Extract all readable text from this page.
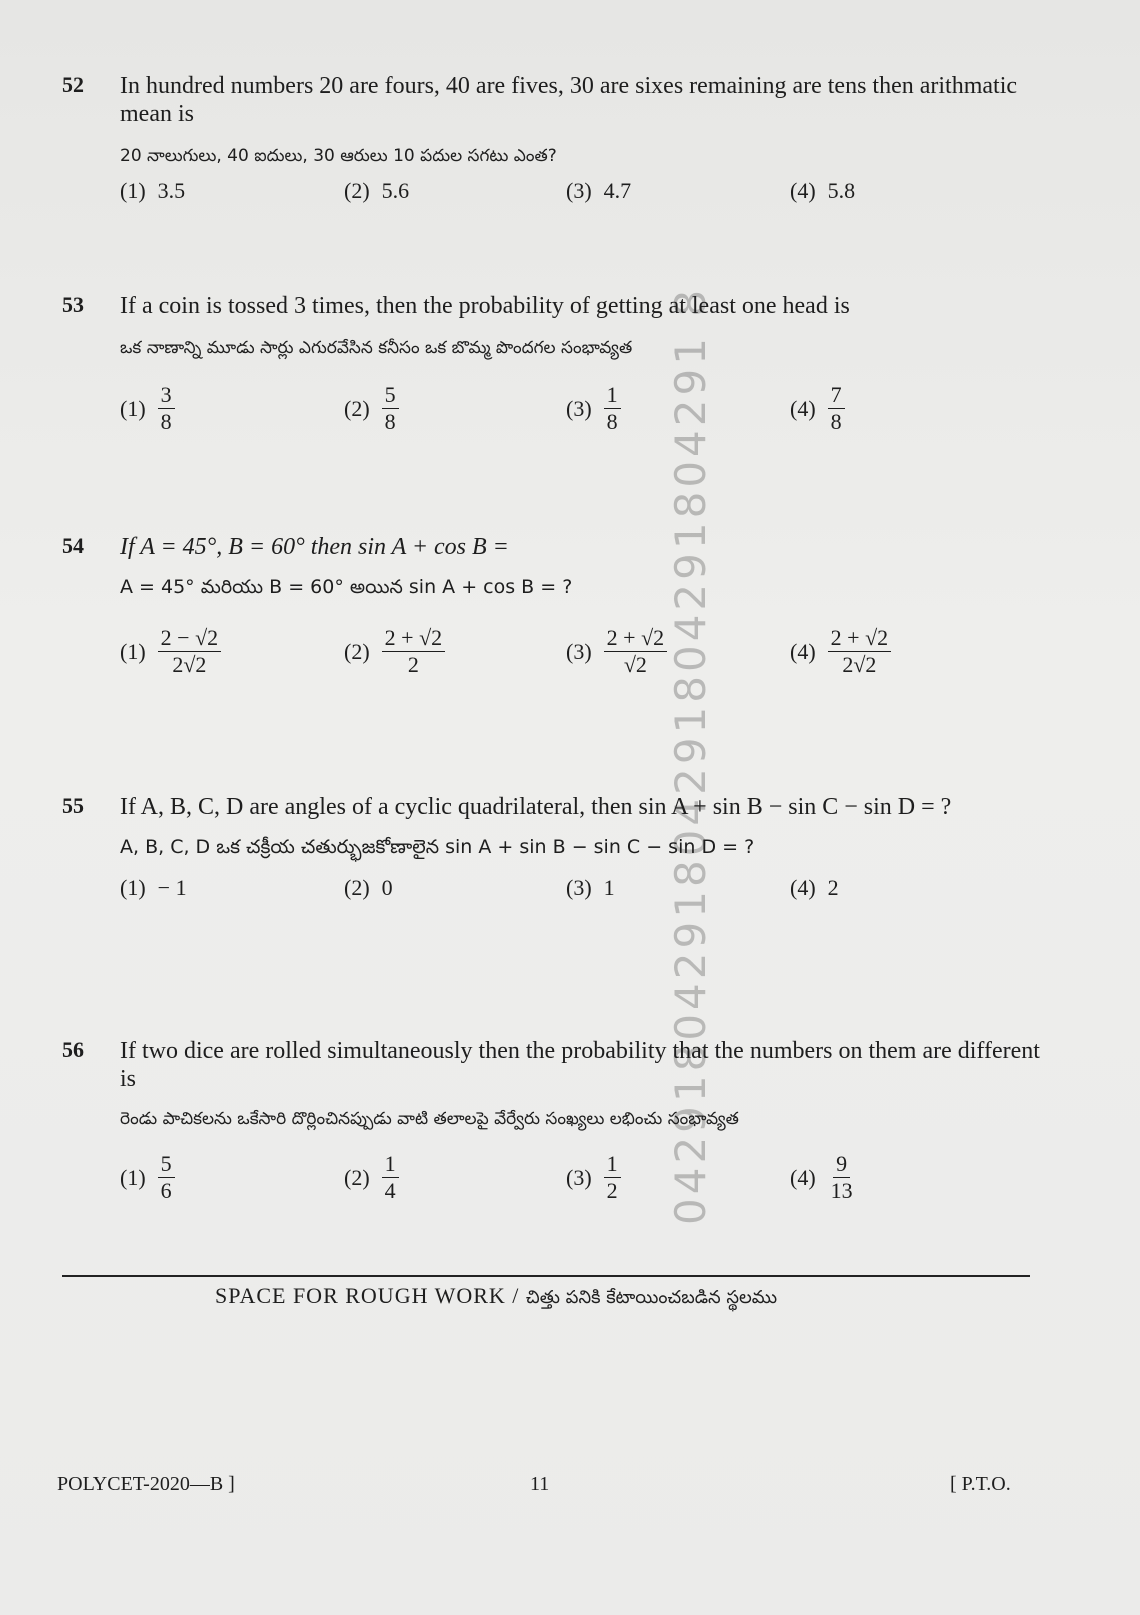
04291804291804291804291804291 8
52 In hundred numbers 20 are fours, 40 are fives, 30 are sixes remaining are tens then arithmatic mean is

20 నాలుగులు, 40 ఐదులు, 30 ఆరులు 10 పదుల సగటు ఎంత?

(1) 3.5	(2) 5.6	(3) 4.7	(4) 5.8
53 If a coin is tossed 3 times, then the probability of getting at least one head is

ఒక నాణాన్ని మూడు సార్లు ఎగురవేసిన కనీసం ఒక బొమ్మ పొందగల సంభావ్యత

$(1) \frac{3}{8}$	$(2) \frac{5}{8}$	$(3) \frac{1}{8}$	$(4) \frac{7}{8}$
54 If A = 45°, B = 60° then sin A + cos B =

A = 45° మరియు B = 60° అయిన sin A + cos B = ?

$(1) \frac{2 - √2}{2√2}$	$(2) \frac{2 + √2}{2}$	$(3) \frac{2 + √2}{√2}$	$(4) \frac{2 + √2}{2√2}$
55 If A, B, C, D are angles of a cyclic quadrilateral, then sin A + sin B − sin C − sin D = ?

A, B, C, D ఒక చక్రీయ చతుర్భుజకోణాలైన sin A + sin B − sin C − sin D = ?

(1) − 1	(2) 0	(3) 1	(4) 2
56 If two dice are rolled simultaneously then the probability that the numbers on them are different is

రెండు పాచికలను ఒకేసారి దొర్లించినప్పుడు వాటి తలాలపై వేర్వేరు సంఖ్యలు లభించు సంభావ్యత

$(1) \frac{5}{6}$	$(2) \frac{1}{4}$	$(3) \frac{1}{2}$	$(4) \frac{9}{13}$
SPACE FOR ROUGH WORK / చిత్తు పనికి కేటాయించబడిన స్థలము
POLYCET-2020—B ]	11	[ P.T.O.
